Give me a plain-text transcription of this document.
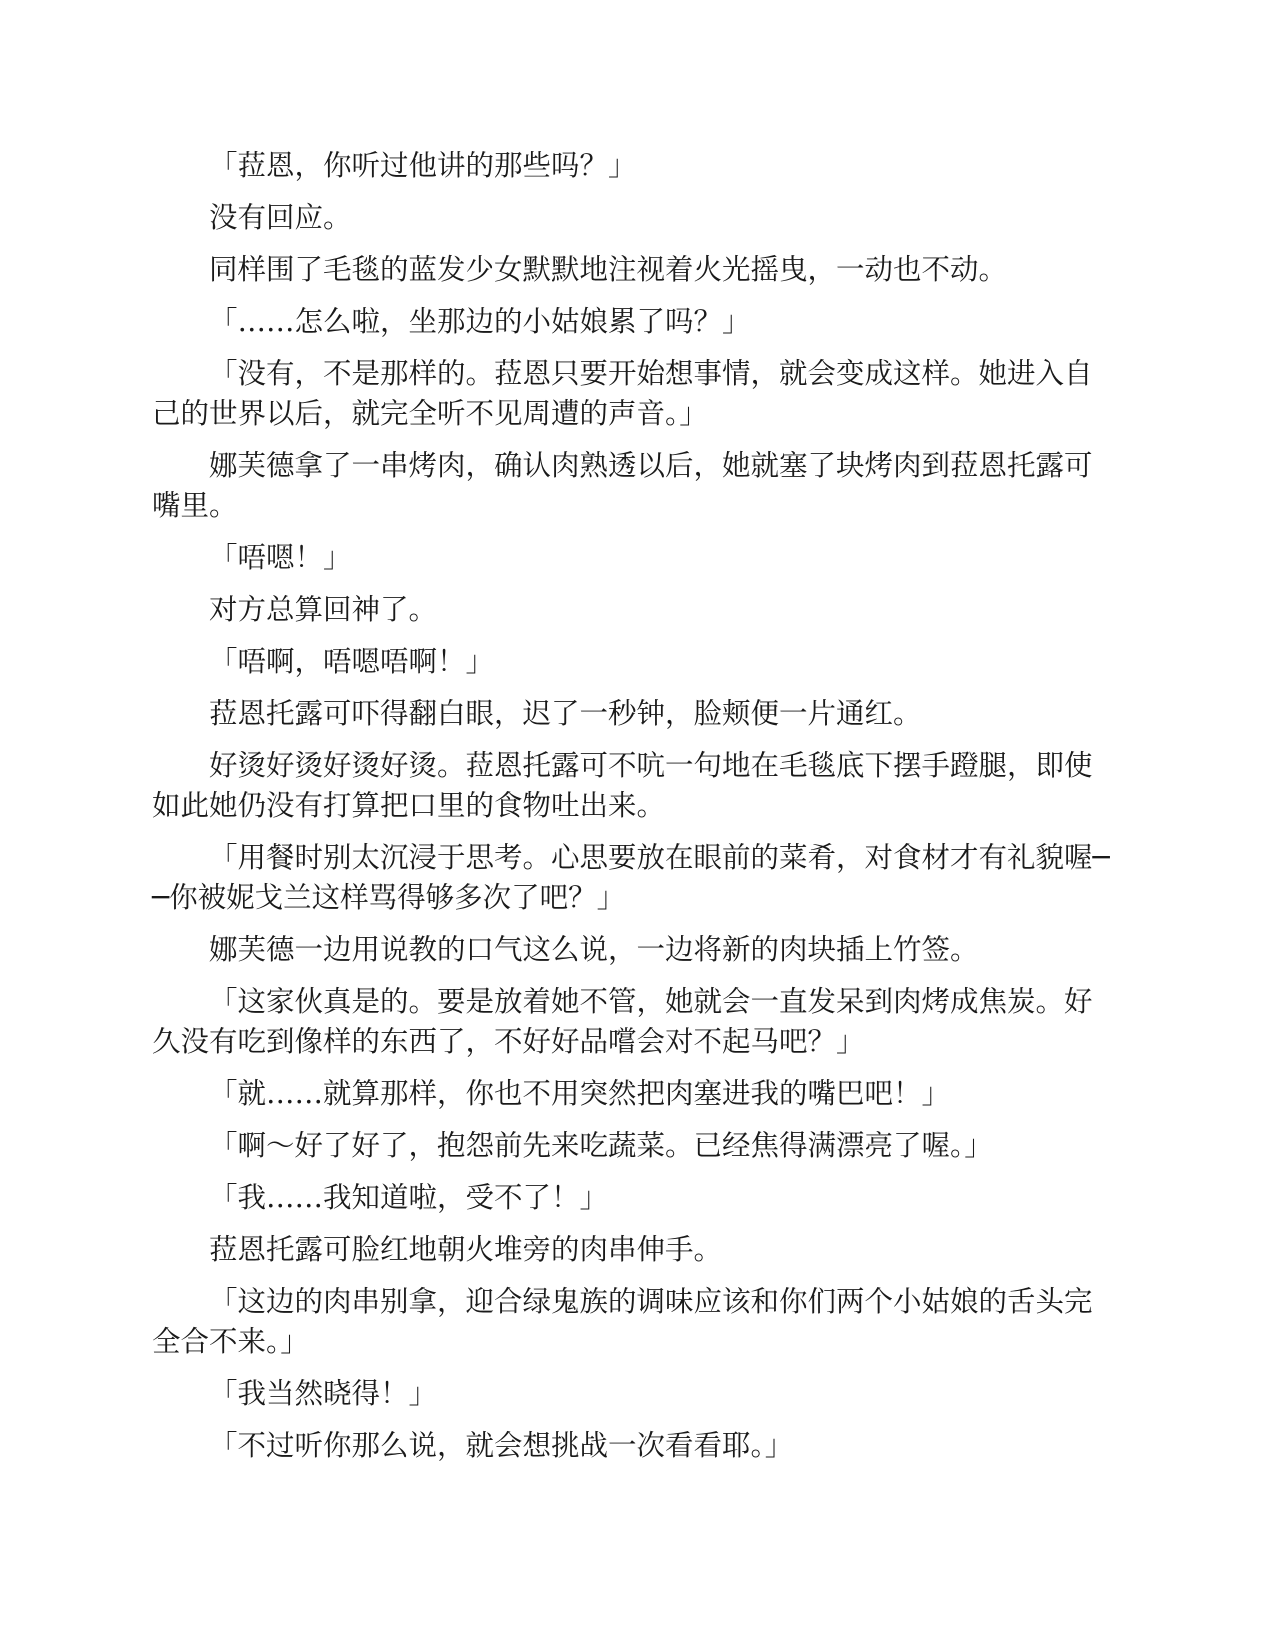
「菈恩，你听过他讲的那些吗？」

没有回应。

同样围了毛毯的蓝发少女默默地注视着火光摇曳，一动也不动。

「……怎么啦，坐那边的小姑娘累了吗？」

「没有，不是那样的。菈恩只要开始想事情，就会变成这样。她进入自己的世界以后，就完全听不见周遭的声音。」

娜芙德拿了一串烤肉，确认肉熟透以后，她就塞了块烤肉到菈恩托露可嘴里。

「唔嗯！」

对方总算回神了。

「唔啊，唔嗯唔啊！」

菈恩托露可吓得翻白眼，迟了一秒钟，脸颊便一片通红。

好烫好烫好烫好烫。菈恩托露可不吭一句地在毛毯底下摆手蹬腿，即使如此她仍没有打算把口里的食物吐出来。

「用餐时别太沉浸于思考。心思要放在眼前的菜肴，对食材才有礼貌喔──你被妮戈兰这样骂得够多次了吧？」

娜芙德一边用说教的口气这么说，一边将新的肉块插上竹签。

「这家伙真是的。要是放着她不管，她就会一直发呆到肉烤成焦炭。好久没有吃到像样的东西了，不好好品嚐会对不起马吧？」

「就……就算那样，你也不用突然把肉塞进我的嘴巴吧！」

「啊～好了好了，抱怨前先来吃蔬菜。已经焦得满漂亮了喔。」

「我……我知道啦，受不了！」

菈恩托露可脸红地朝火堆旁的肉串伸手。

「这边的肉串别拿，迎合绿鬼族的调味应该和你们两个小姑娘的舌头完全合不来。」

「我当然晓得！」

「不过听你那么说，就会想挑战一次看看耶。」
